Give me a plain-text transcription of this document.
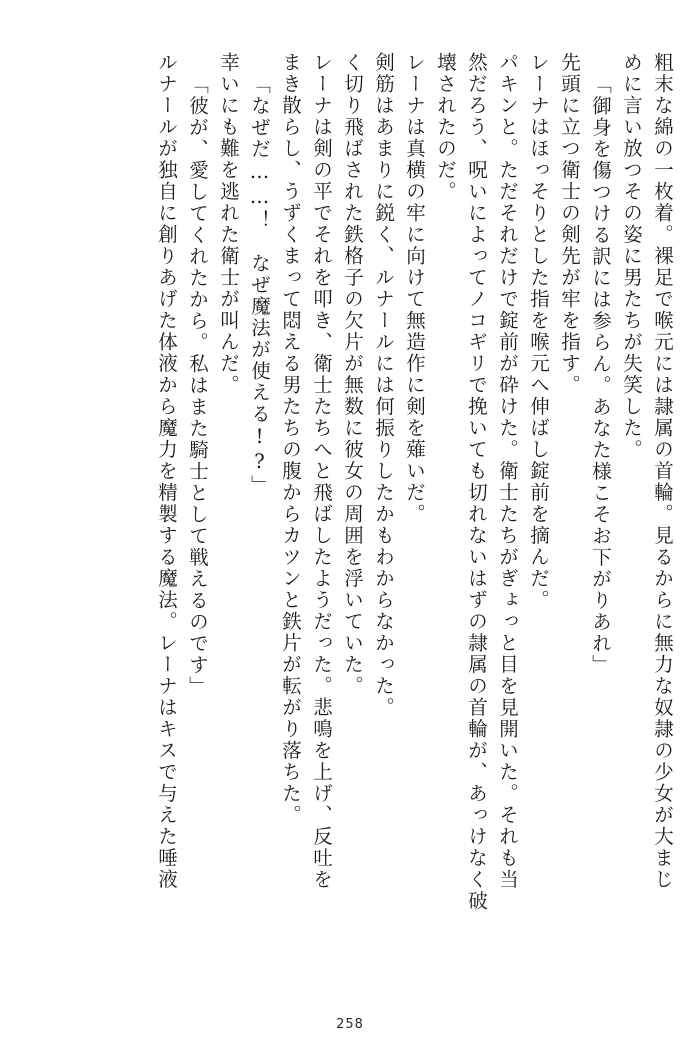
粗末な綿の一枚着。裸足で喉元には隷属の首輪。見るからに無力な奴隷の少女が大まじ
めに言い放つその姿に男たちが失笑した。
「御身を傷つける訳には参らん。あなた様こそお下がりあれ」
先頭に立つ衛士の剣先が牢を指す。
レーナはほっそりとした指を喉元へ伸ばし錠前を摘んだ。
パキンと。ただそれだけで錠前が砕けた。衛士たちがぎょっと目を見開いた。それも当
然だろう、呪いによってノコギリで挽いても切れないはずの隷属の首輪が、あっけなく破
壊されたのだ。
レーナは真横の牢に向けて無造作に剣を薙いだ。
剣筋はあまりに鋭く、ルナールには何振りしたかもわからなかった。
く切り飛ばされた鉄格子の欠片が無数に彼女の周囲を浮いていた。
レーナは剣の平でそれを叩き、衛士たちへと飛ばしたようだった。悲鳴を上げ、反吐を
まき散らし、うずくまって悶える男たちの腹からカツンと鉄片が転がり落ちた。
「なぜだ……！　なぜ魔法が使える!?」
幸いにも難を逃れた衛士が叫んだ。
「彼が、愛してくれたから。私はまた騎士として戦えるのです」
ルナールが独自に創りあげた体液から魔力を精製する魔法。レーナはキスで与えた唾液
258
